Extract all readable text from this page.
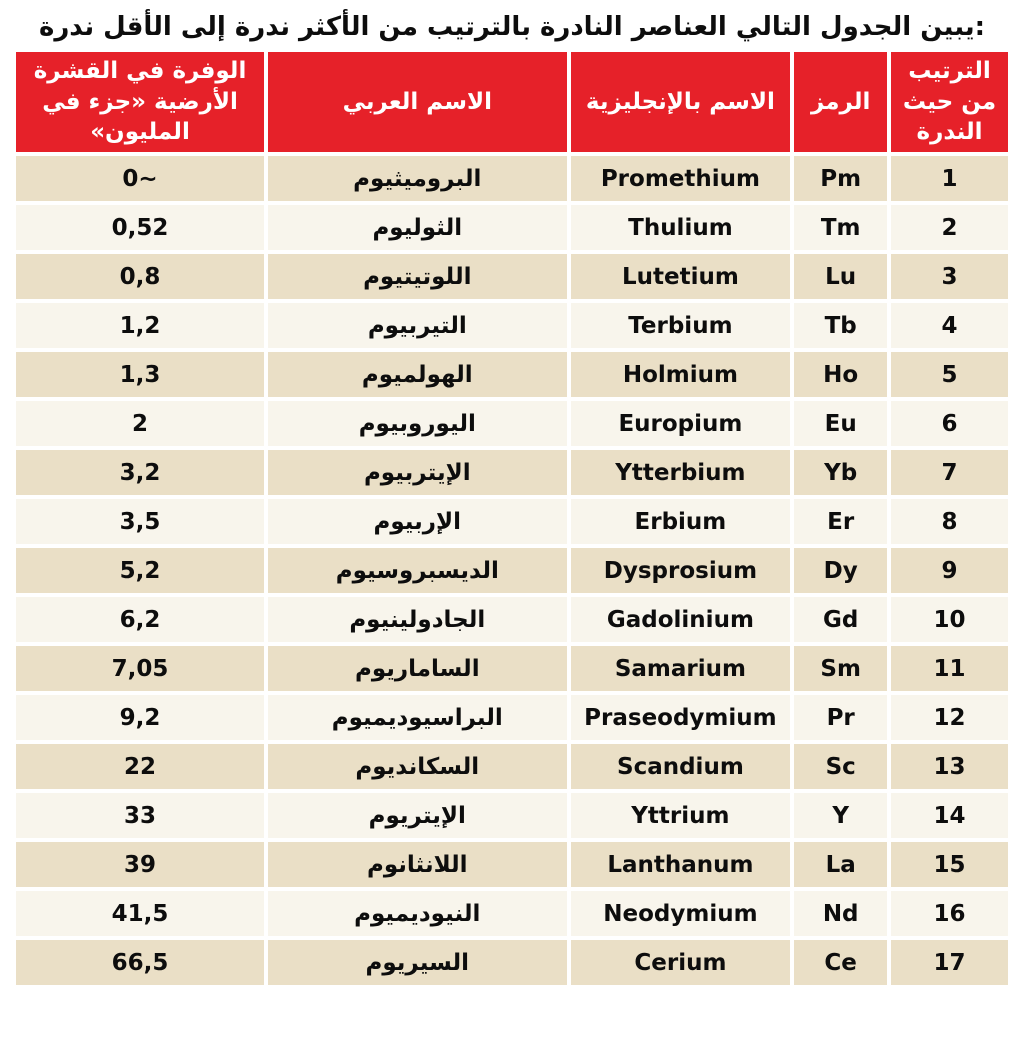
يبين الجدول التالي العناصر النادرة بالترتيب من الأكثر ندرة إلى الأقل ندرة:
الترتيب من حيث الندرة	الرمز	الاسم بالإنجليزية	الاسم العربي	الوفرة في القشرة الأرضية «جزء في المليون»
1	Pm	Promethium	البروميثيوم	0~
2	Tm	Thulium	الثوليوم	0,52
3	Lu	Lutetium	اللوتيتيوم	0,8
4	Tb	Terbium	التيربيوم	1,2
5	Ho	Holmium	الهولميوم	1,3
6	Eu	Europium	اليوروبيوم	2
7	Yb	Ytterbium	الإيتربيوم	3,2
8	Er	Erbium	الإربيوم	3,5
9	Dy	Dysprosium	الديسبروسيوم	5,2
10	Gd	Gadolinium	الجادولينيوم	6,2
11	Sm	Samarium	الساماريوم	7,05
12	Pr	Praseodymium	البراسيوديميوم	9,2
13	Sc	Scandium	السكانديوم	22
14	Y	Yttrium	الإيتريوم	33
15	La	Lanthanum	اللانثانوم	39
16	Nd	Neodymium	النيوديميوم	41,5
17	Ce	Cerium	السيريوم	66,5
